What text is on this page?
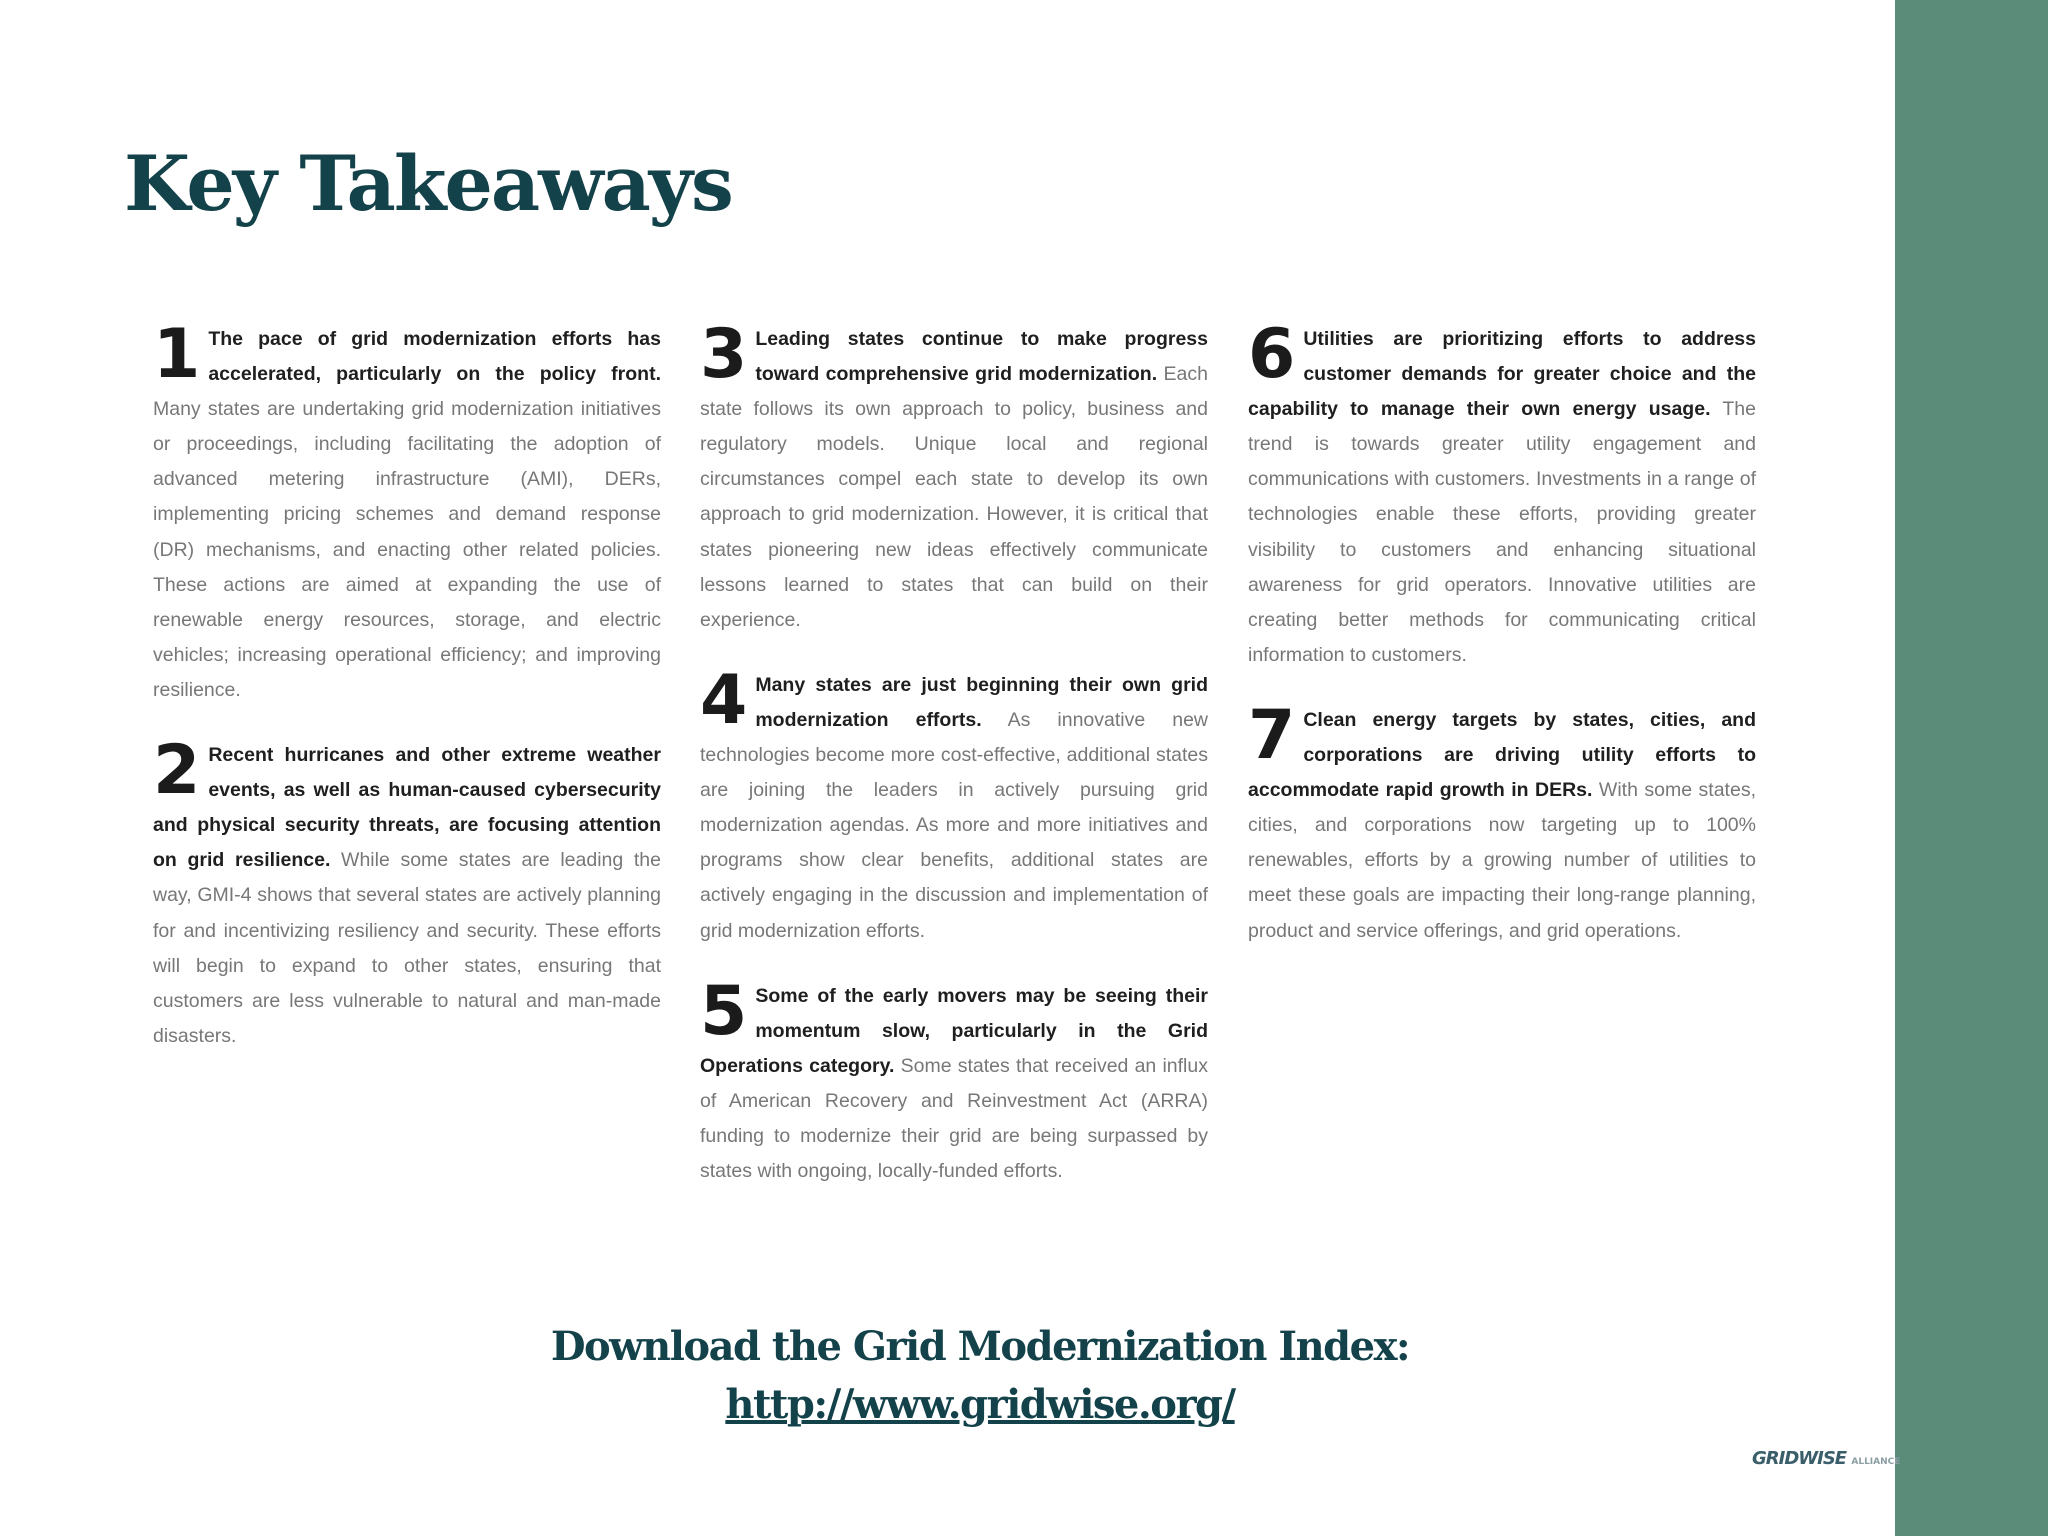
Key Takeaways

1 The pace of grid modernization efforts has accelerated, particularly on the policy front. Many states are undertaking grid modernization initiatives or proceedings, including facilitating the adoption of advanced metering infrastructure (AMI), DERs, implementing pricing schemes and demand response (DR) mechanisms, and enacting other related policies. These actions are aimed at expanding the use of renewable energy resources, storage, and electric vehicles; increasing operational efficiency; and improving resilience.

2 Recent hurricanes and other extreme weather events, as well as human-caused cybersecurity and physical security threats, are focusing attention on grid resilience. While some states are leading the way, GMI-4 shows that several states are actively planning for and incentivizing resiliency and security. These efforts will begin to expand to other states, ensuring that customers are less vulnerable to natural and man-made disasters.

3 Leading states continue to make progress toward comprehensive grid modernization. Each state follows its own approach to policy, business and regulatory models. Unique local and regional circumstances compel each state to develop its own approach to grid modernization. However, it is critical that states pioneering new ideas effectively communicate lessons learned to states that can build on their experience.

4 Many states are just beginning their own grid modernization efforts. As innovative new technologies become more cost-effective, additional states are joining the leaders in actively pursuing grid modernization agendas. As more and more initiatives and programs show clear benefits, additional states are actively engaging in the discussion and implementation of grid modernization efforts.

5 Some of the early movers may be seeing their momentum slow, particularly in the Grid Operations category. Some states that received an influx of American Recovery and Reinvestment Act (ARRA) funding to modernize their grid are being surpassed by states with ongoing, locally-funded efforts.

6 Utilities are prioritizing efforts to address customer demands for greater choice and the capability to manage their own energy usage. The trend is towards greater utility engagement and communications with customers. Investments in a range of technologies enable these efforts, providing greater visibility to customers and enhancing situational awareness for grid operators. Innovative utilities are creating better methods for communicating critical information to customers.

7 Clean energy targets by states, cities, and corporations are driving utility efforts to accommodate rapid growth in DERs. With some states, cities, and corporations now targeting up to 100% renewables, efforts by a growing number of utilities to meet these goals are impacting their long-range planning, product and service offerings, and grid operations.

Download the Grid Modernization Index:
http://www.gridwise.org/
GRIDWISE ALLIANCE
